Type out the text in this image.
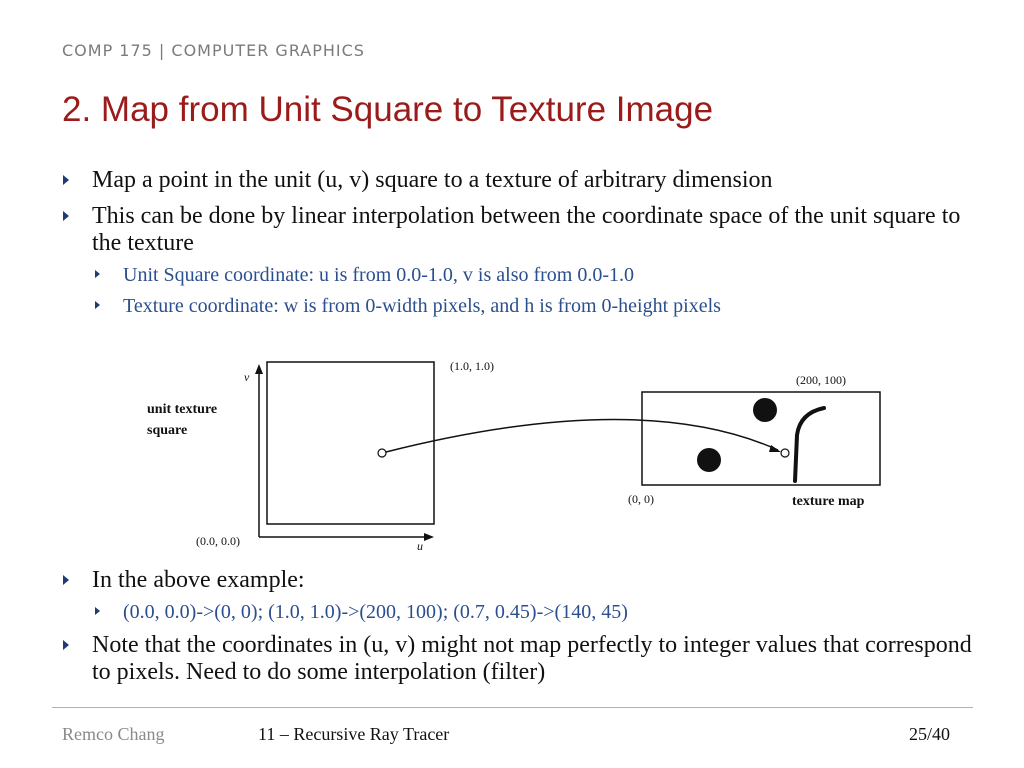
COMP 175 | COMPUTER GRAPHICS
2. Map from Unit Square to Texture Image
Map a point in the unit (u, v) square to a texture of arbitrary dimension
This can be done by linear interpolation between the coordinate space of the unit square to the texture
Unit Square coordinate: u is from 0.0-1.0, v is also from 0.0-1.0
Texture coordinate: w is from 0-width pixels, and h is from 0-height pixels
v
u
unit texture
square
(0.0, 0.0)
(1.0, 1.0)
(0, 0)
(200, 100)
texture map
In the above example:
(0.0, 0.0)->(0, 0); (1.0, 1.0)->(200, 100); (0.7, 0.45)->(140, 45)
Note that the coordinates in (u, v) might not map perfectly to integer values that correspond to pixels. Need to do some interpolation (filter)
Remco Chang	11 – Recursive Ray Tracer	25/40
